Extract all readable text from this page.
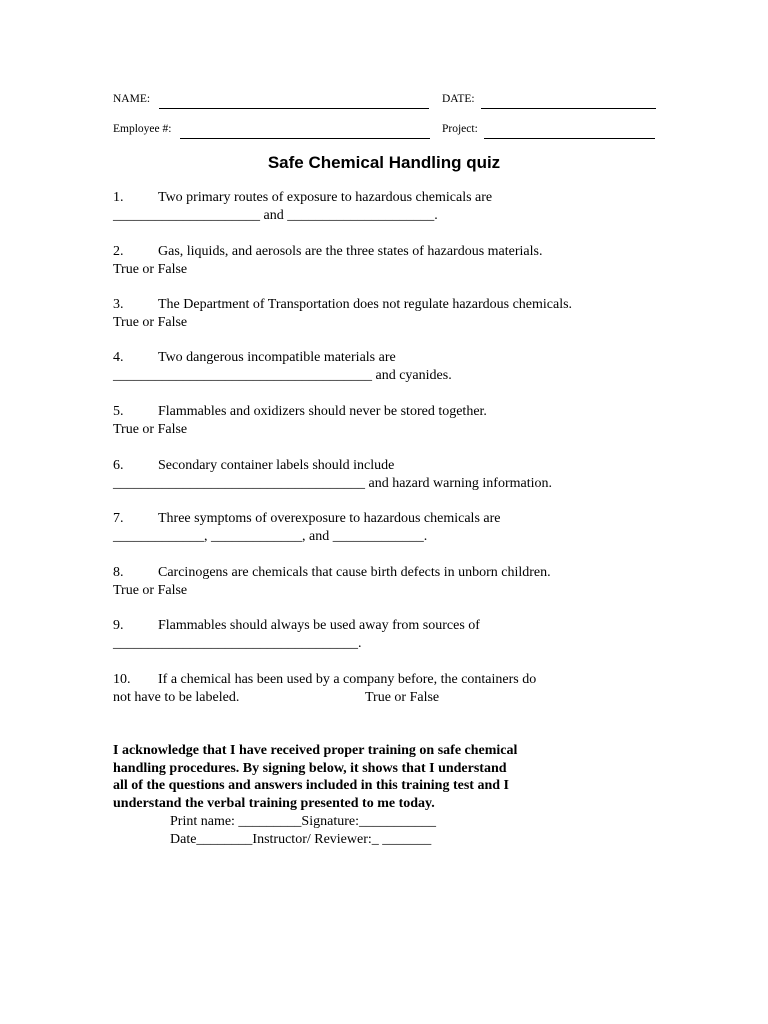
NAME:	DATE:
Employee #:	Project:
Safe Chemical Handling quiz
1. Two primary routes of exposure to hazardous chemicals are
_____________________ and _____________________.
2. Gas, liquids, and aerosols are the three states of hazardous materials.
True or False
3. The Department of Transportation does not regulate hazardous chemicals.
True or False
4. Two dangerous incompatible materials are
_____________________________________ and cyanides.
5. Flammables and oxidizers should never be stored together.
True or False
6. Secondary container labels should include
____________________________________ and hazard warning information.
7. Three symptoms of overexposure to hazardous chemicals are
_____________, _____________, and _____________.
8. Carcinogens are chemicals that cause birth defects in unborn children.
True or False
9. Flammables should always be used away from sources of
___________________________________.
10. If a chemical has been used by a company before, the containers do
not have to be labeled.	True or False
I acknowledge that I have received proper training on safe chemical
handling procedures. By signing below, it shows that I understand
all of the questions and answers included in this training test and I
understand the verbal training presented to me today.
Print name: _________Signature:___________
Date________Instructor/ Reviewer:_ _______
